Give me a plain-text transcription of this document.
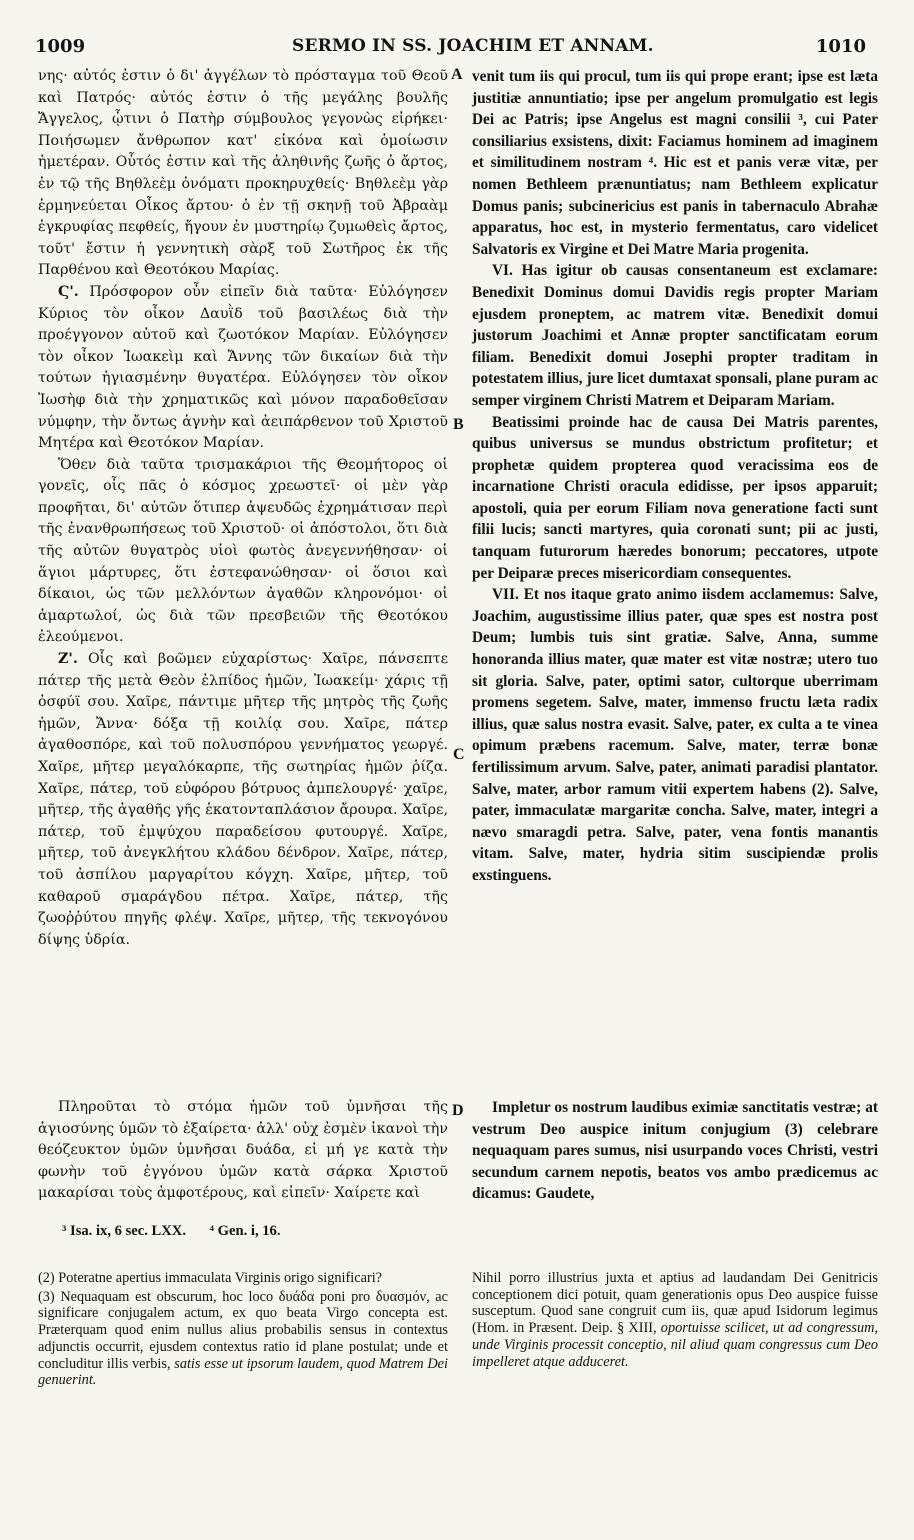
1009	SERMO IN SS. JOACHIM ET ANNAM.	1010
A
B
C
D

νης· αὐτός ἐστιν ὁ δι' ἀγγέλων τὸ πρόσταγμα τοῦ Θεοῦ καὶ Πατρός· αὐτός ἐστιν ὁ τῆς μεγάλης βουλῆς Ἄγγελος, ᾧτινι ὁ Πατὴρ σύμβουλος γεγονὼς εἰρήκει· Ποιήσωμεν ἄνθρωπον κατ' εἰκόνα καὶ ὁμοίωσιν ἡμετέραν. Οὗτός ἐστιν καὶ τῆς ἀληθινῆς ζωῆς ὁ ἄρτος, ἐν τῷ τῆς Βηθλεὲμ ὀνόματι προκηρυχθείς· Βηθλεὲμ γὰρ ἑρμηνεύεται Οἶκος ἄρτου· ὁ ἐν τῇ σκηνῇ τοῦ Ἀβραὰμ ἐγκρυφίας πεφθείς, ἤγουν ἐν μυστηρίῳ ζυμωθεὶς ἄρτος, τοῦτ' ἔστιν ἡ γεννητικὴ σὰρξ τοῦ Σωτῆρος ἐκ τῆς Παρθένου καὶ Θεοτόκου Μαρίας.

Ϛ'. Πρόσφορον οὖν εἰπεῖν διὰ ταῦτα· Εὐλόγησεν Κύριος τὸν οἶκον Δαυῒδ τοῦ βασιλέως διὰ τὴν προέγγονον αὐτοῦ καὶ ζωοτόκον Μαρίαν. Εὐλόγησεν τὸν οἶκον Ἰωακεὶμ καὶ Ἄννης τῶν δικαίων διὰ τὴν τούτων ἡγιασμένην θυγατέρα. Εὐλόγησεν τὸν οἶκον Ἰωσὴφ διὰ τὴν χρηματικῶς καὶ μόνον παραδοθεῖσαν νύμφην, τὴν ὄντως ἁγνὴν καὶ ἀειπάρθενον τοῦ Χριστοῦ Μητέρα καὶ Θεοτόκον Μαρίαν.

Ὅθεν διὰ ταῦτα τρισμακάριοι τῆς Θεομήτορος οἱ γονεῖς, οἷς πᾶς ὁ κόσμος χρεωστεῖ· οἱ μὲν γὰρ προφῆται, δι' αὐτῶν ὅτιπερ ἀψευδῶς ἐχρημάτισαν περὶ τῆς ἐνανθρωπήσεως τοῦ Χριστοῦ· οἱ ἀπόστολοι, ὅτι διὰ τῆς αὐτῶν θυγατρὸς υἱοὶ φωτὸς ἀνεγεννήθησαν· οἱ ἅγιοι μάρτυρες, ὅτι ἐστεφανώθησαν· οἱ ὅσιοι καὶ δίκαιοι, ὡς τῶν μελλόντων ἀγαθῶν κληρονόμοι· οἱ ἁμαρτωλοί, ὡς διὰ τῶν πρεσβειῶν τῆς Θεοτόκου ἐλεούμενοι.

Ζ'. Οἷς καὶ βοῶμεν εὐχαρίστως· Χαῖρε, πάνσεπτε πάτερ τῆς μετὰ Θεὸν ἐλπίδος ἡμῶν, Ἰωακείμ· χάρις τῇ ὀσφύϊ σου. Χαῖρε, πάντιμε μῆτερ τῆς μητρὸς τῆς ζωῆς ἡμῶν, Ἄννα· δόξα τῇ κοιλίᾳ σου. Χαῖρε, πάτερ ἀγαθοσπόρε, καὶ τοῦ πολυσπόρου γεννήματος γεωργέ. Χαῖρε, μῆτερ μεγαλόκαρπε, τῆς σωτηρίας ἡμῶν ῥίζα. Χαῖρε, πάτερ, τοῦ εὐφόρου βότρυος ἀμπελουργέ· χαῖρε, μῆτερ, τῆς ἀγαθῆς γῆς ἑκατονταπλάσιον ἄρουρα. Χαῖρε, πάτερ, τοῦ ἐμψύχου παραδείσου φυτουργέ. Χαῖρε, μῆτερ, τοῦ ἀνεγκλήτου κλάδου δένδρον. Χαῖρε, πάτερ, τοῦ ἀσπίλου μαργαρίτου κόγχη. Χαῖρε, μῆτερ, τοῦ καθαροῦ σμαράγδου πέτρα. Χαῖρε, πάτερ, τῆς ζωοῤῥύτου πηγῆς φλέψ. Χαῖρε, μῆτερ, τῆς τεκνογόνου δίψης ὑδρία.

venit tum iis qui procul, tum iis qui prope erant; ipse est læta justitiæ annuntiatio; ipse per angelum promulgatio est legis Dei ac Patris; ipse Angelus est magni consilii ³, cui Pater consiliarius exsistens, dixit: Faciamus hominem ad imaginem et similitudinem nostram ⁴. Hic est et panis veræ vitæ, per nomen Bethleem prænuntiatus; nam Bethleem explicatur Domus panis; subcinericius est panis in tabernaculo Abrahæ apparatus, hoc est, in mysterio fermentatus, caro videlicet Salvatoris ex Virgine et Dei Matre Maria progenita.

VI. Has igitur ob causas consentaneum est exclamare: Benedixit Dominus domui Davidis regis propter Mariam ejusdem proneptem, ac matrem vitæ. Benedixit domui justorum Joachimi et Annæ propter sanctificatam eorum filiam. Benedixit domui Josephi propter traditam in potestatem illius, jure licet dumtaxat sponsali, plane puram ac semper virginem Christi Matrem et Deiparam Mariam.

Beatissimi proinde hac de causa Dei Matris parentes, quibus universus se mundus obstrictum profitetur; et prophetæ quidem propterea quod veracissima eos de incarnatione Christi oracula edidisse, per ipsos apparuit; apostoli, quia per eorum Filiam nova generatione facti sunt filii lucis; sancti martyres, quia coronati sunt; pii ac justi, tanquam futurorum hæredes bonorum; peccatores, utpote per Deiparæ preces misericordiam consequentes.

VII. Et nos itaque grato animo iisdem acclamemus: Salve, Joachim, augustissime illius pater, quæ spes est nostra post Deum; lumbis tuis sint gratiæ. Salve, Anna, summe honoranda illius mater, quæ mater est vitæ nostræ; utero tuo sit gloria. Salve, pater, optimi sator, cultorque uberrimam promens segetem. Salve, mater, immenso fructu læta radix illius, quæ salus nostra evasit. Salve, pater, ex culta a te vinea opimum præbens racemum. Salve, mater, terræ bonæ fertilissimum arvum. Salve, pater, animati paradisi plantator. Salve, mater, arbor ramum vitii expertem habens (2). Salve, pater, immaculatæ margaritæ concha. Salve, mater, integri a nævo smaragdi petra. Salve, pater, vena fontis manantis vitam. Salve, mater, hydria sitim suscipiendæ prolis exstinguens.

Πληροῦται τὸ στόμα ἡμῶν τοῦ ὑμνῆσαι τῆς ἁγιοσύνης ὑμῶν τὸ ἐξαίρετα· ἀλλ' οὐχ ἐσμὲν ἱκανοὶ τὴν θεόζευκτον ὑμῶν ὑμνῆσαι δυάδα, εἰ μή γε κατὰ τὴν φωνὴν τοῦ ἐγγόνου ὑμῶν κατὰ σάρκα Χριστοῦ μακαρίσαι τοὺς ἀμφοτέρους, καὶ εἰπεῖν· Χαίρετε καὶ

Impletur os nostrum laudibus eximiæ sanctitatis vestræ; at vestrum Deo auspice initum conjugium (3) celebrare nequaquam pares sumus, nisi usurpando voces Christi, vestri secundum carnem nepotis, beatos vos ambo prædicemus ac dicamus: Gaudete,

³ Isa. ix, 6 sec. LXX. ⁴ Gen. i, 16.

(2) Poteratne apertius immaculata Virginis origo significari?

(3) Nequaquam est obscurum, hoc loco δυάδα poni pro δυασμόν, ac significare conjugalem actum, ex quo beata Virgo concepta est. Præterquam quod enim nullus alius probabilis sensus in contextus adjunctis occurrit, ejusdem contextus ratio id plane postulat; unde et concluditur illis verbis, satis esse ut ipsorum laudem, quod Matrem Dei genuerint.

Nihil porro illustrius juxta et aptius ad laudandam Dei Genitricis conceptionem dici potuit, quam generationis opus Deo auspice fuisse susceptum. Quod sane congruit cum iis, quæ apud Isidorum legimus (Hom. in Præsent. Deip. § XIII, oportuisse scilicet, ut ad congressum, unde Virginis processit conceptio, nil aliud quam congressus cum Deo impelleret atque adduceret.
